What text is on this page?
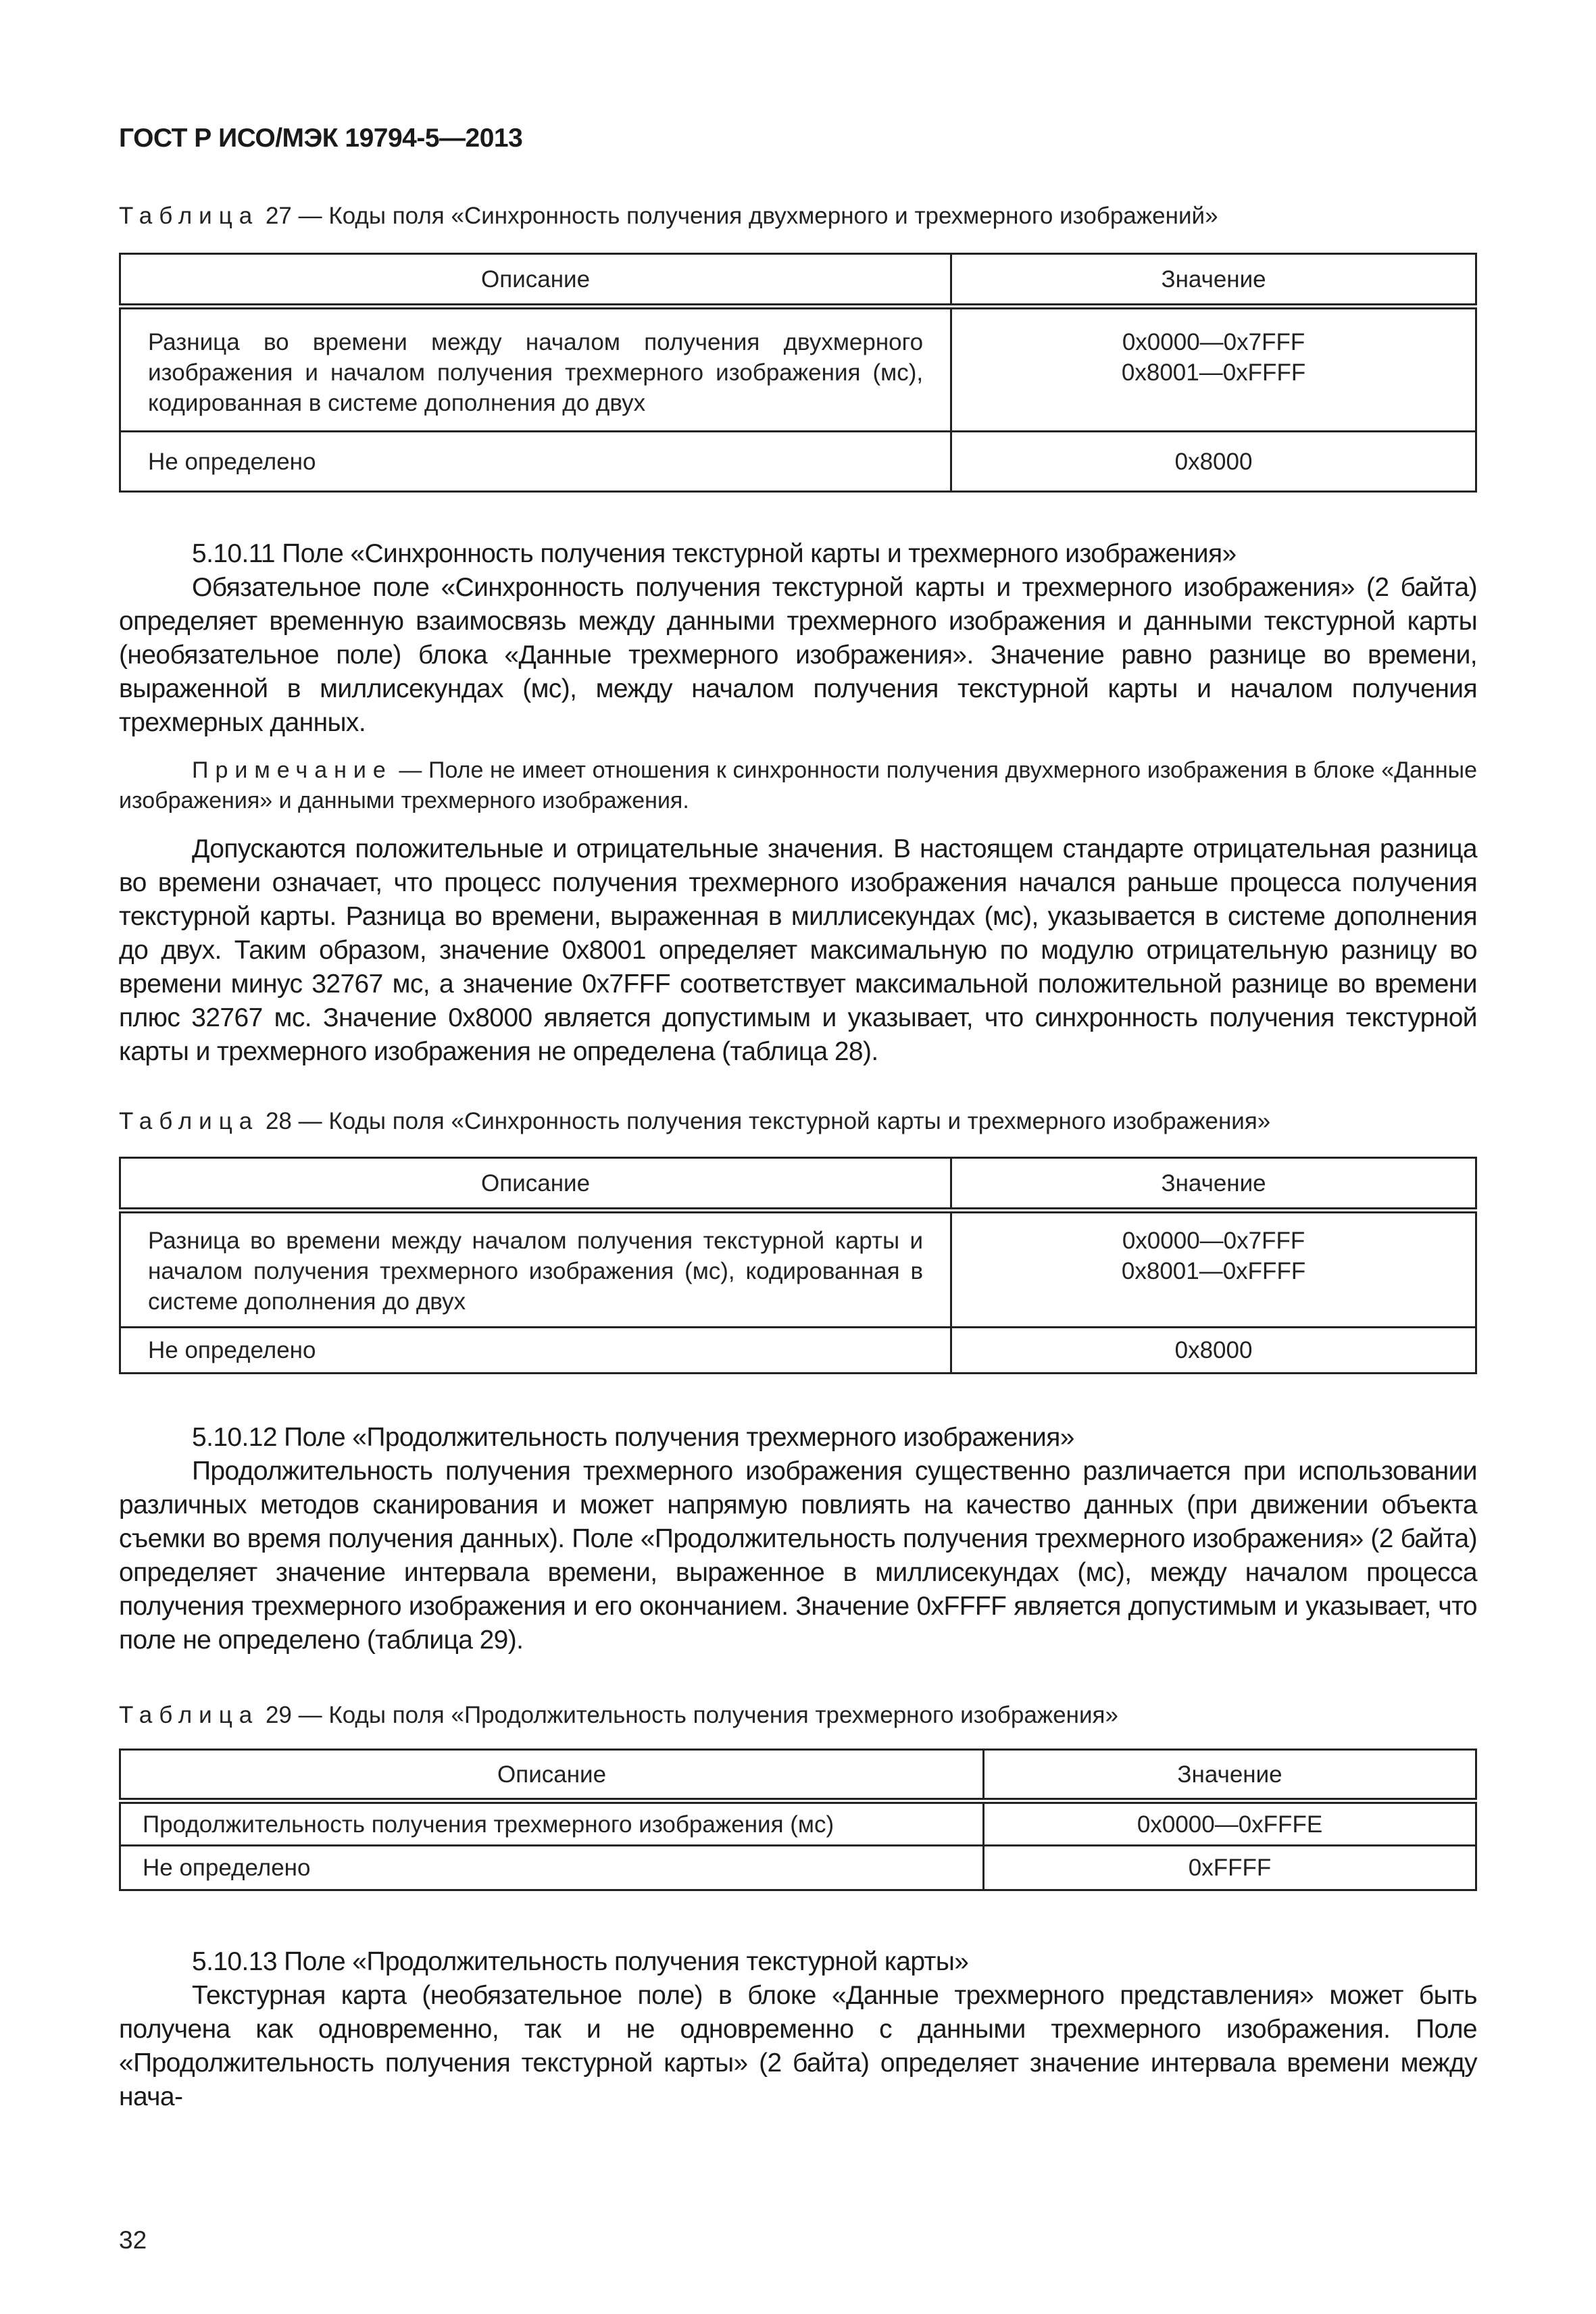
ГОСТ Р ИСО/МЭК 19794-5—2013
Таблица 27 — Коды поля «Синхронность получения двухмерного и трехмерного изображений»
Описание	Значение
Разница во времени между началом получения двухмерного изображения и началом получения трехмерного изображения (мс), кодированная в системе дополнения до двух	0x0000—0x7FFF
0x8001—0xFFFF

Не определено	0x8000

5.10.11 Поле «Синхронность получения текстурной карты и трехмерного изображения»

Обязательное поле «Синхронность получения текстурной карты и трехмерного изображения» (2 байта) определяет временную взаимосвязь между данными трехмерного изображения и данными текстурной карты (необязательное поле) блока «Данные трехмерного изображения». Значение равно разнице во времени, выраженной в миллисекундах (мс), между началом получения текстурной карты и началом получения трехмерных данных.

Примечание — Поле не имеет отношения к синхронности получения двухмерного изображения в блоке «Данные изображения» и данными трехмерного изображения.

Допускаются положительные и отрицательные значения. В настоящем стандарте отрицательная разница во времени означает, что процесс получения трехмерного изображения начался раньше процесса получения текстурной карты. Разница во времени, выраженная в миллисекундах (мс), указывается в системе дополнения до двух. Таким образом, значение 0x8001 определяет максимальную по модулю отрицательную разницу во времени минус 32767 мс, а значение 0x7FFF соответствует максимальной положительной разнице во времени плюс 32767 мс. Значение 0x8000 является допустимым и указывает, что синхронность получения текстурной карты и трехмерного изображения не определена (таблица 28).

Таблица 28 — Коды поля «Синхронность получения текстурной карты и трехмерного изображения»
Описание	Значение
Разница во времени между началом получения текстурной карты и началом получения трехмерного изображения (мс), кодированная в системе дополнения до двух	0x0000—0x7FFF
0x8001—0xFFFF

Не определено	0x8000

5.10.12 Поле «Продолжительность получения трехмерного изображения»

Продолжительность получения трехмерного изображения существенно различается при использовании различных методов сканирования и может напрямую повлиять на качество данных (при движении объекта съемки во время получения данных). Поле «Продолжительность получения трехмерного изображения» (2 байта) определяет значение интервала времени, выраженное в миллисекундах (мс), между началом процесса получения трехмерного изображения и его окончанием. Значение 0xFFFF является допустимым и указывает, что поле не определено (таблица 29).

Таблица 29 — Коды поля «Продолжительность получения трехмерного изображения»
Описание	Значение
Продолжительность получения трехмерного изображения (мс)	0x0000—0xFFFE
Не определено	0xFFFF

5.10.13 Поле «Продолжительность получения текстурной карты»

Текстурная карта (необязательное поле) в блоке «Данные трехмерного представления» может быть получена как одновременно, так и не одновременно с данными трехмерного изображения. Поле «Продолжительность получения текстурной карты» (2 байта) определяет значение интервала времени между нача-

32
